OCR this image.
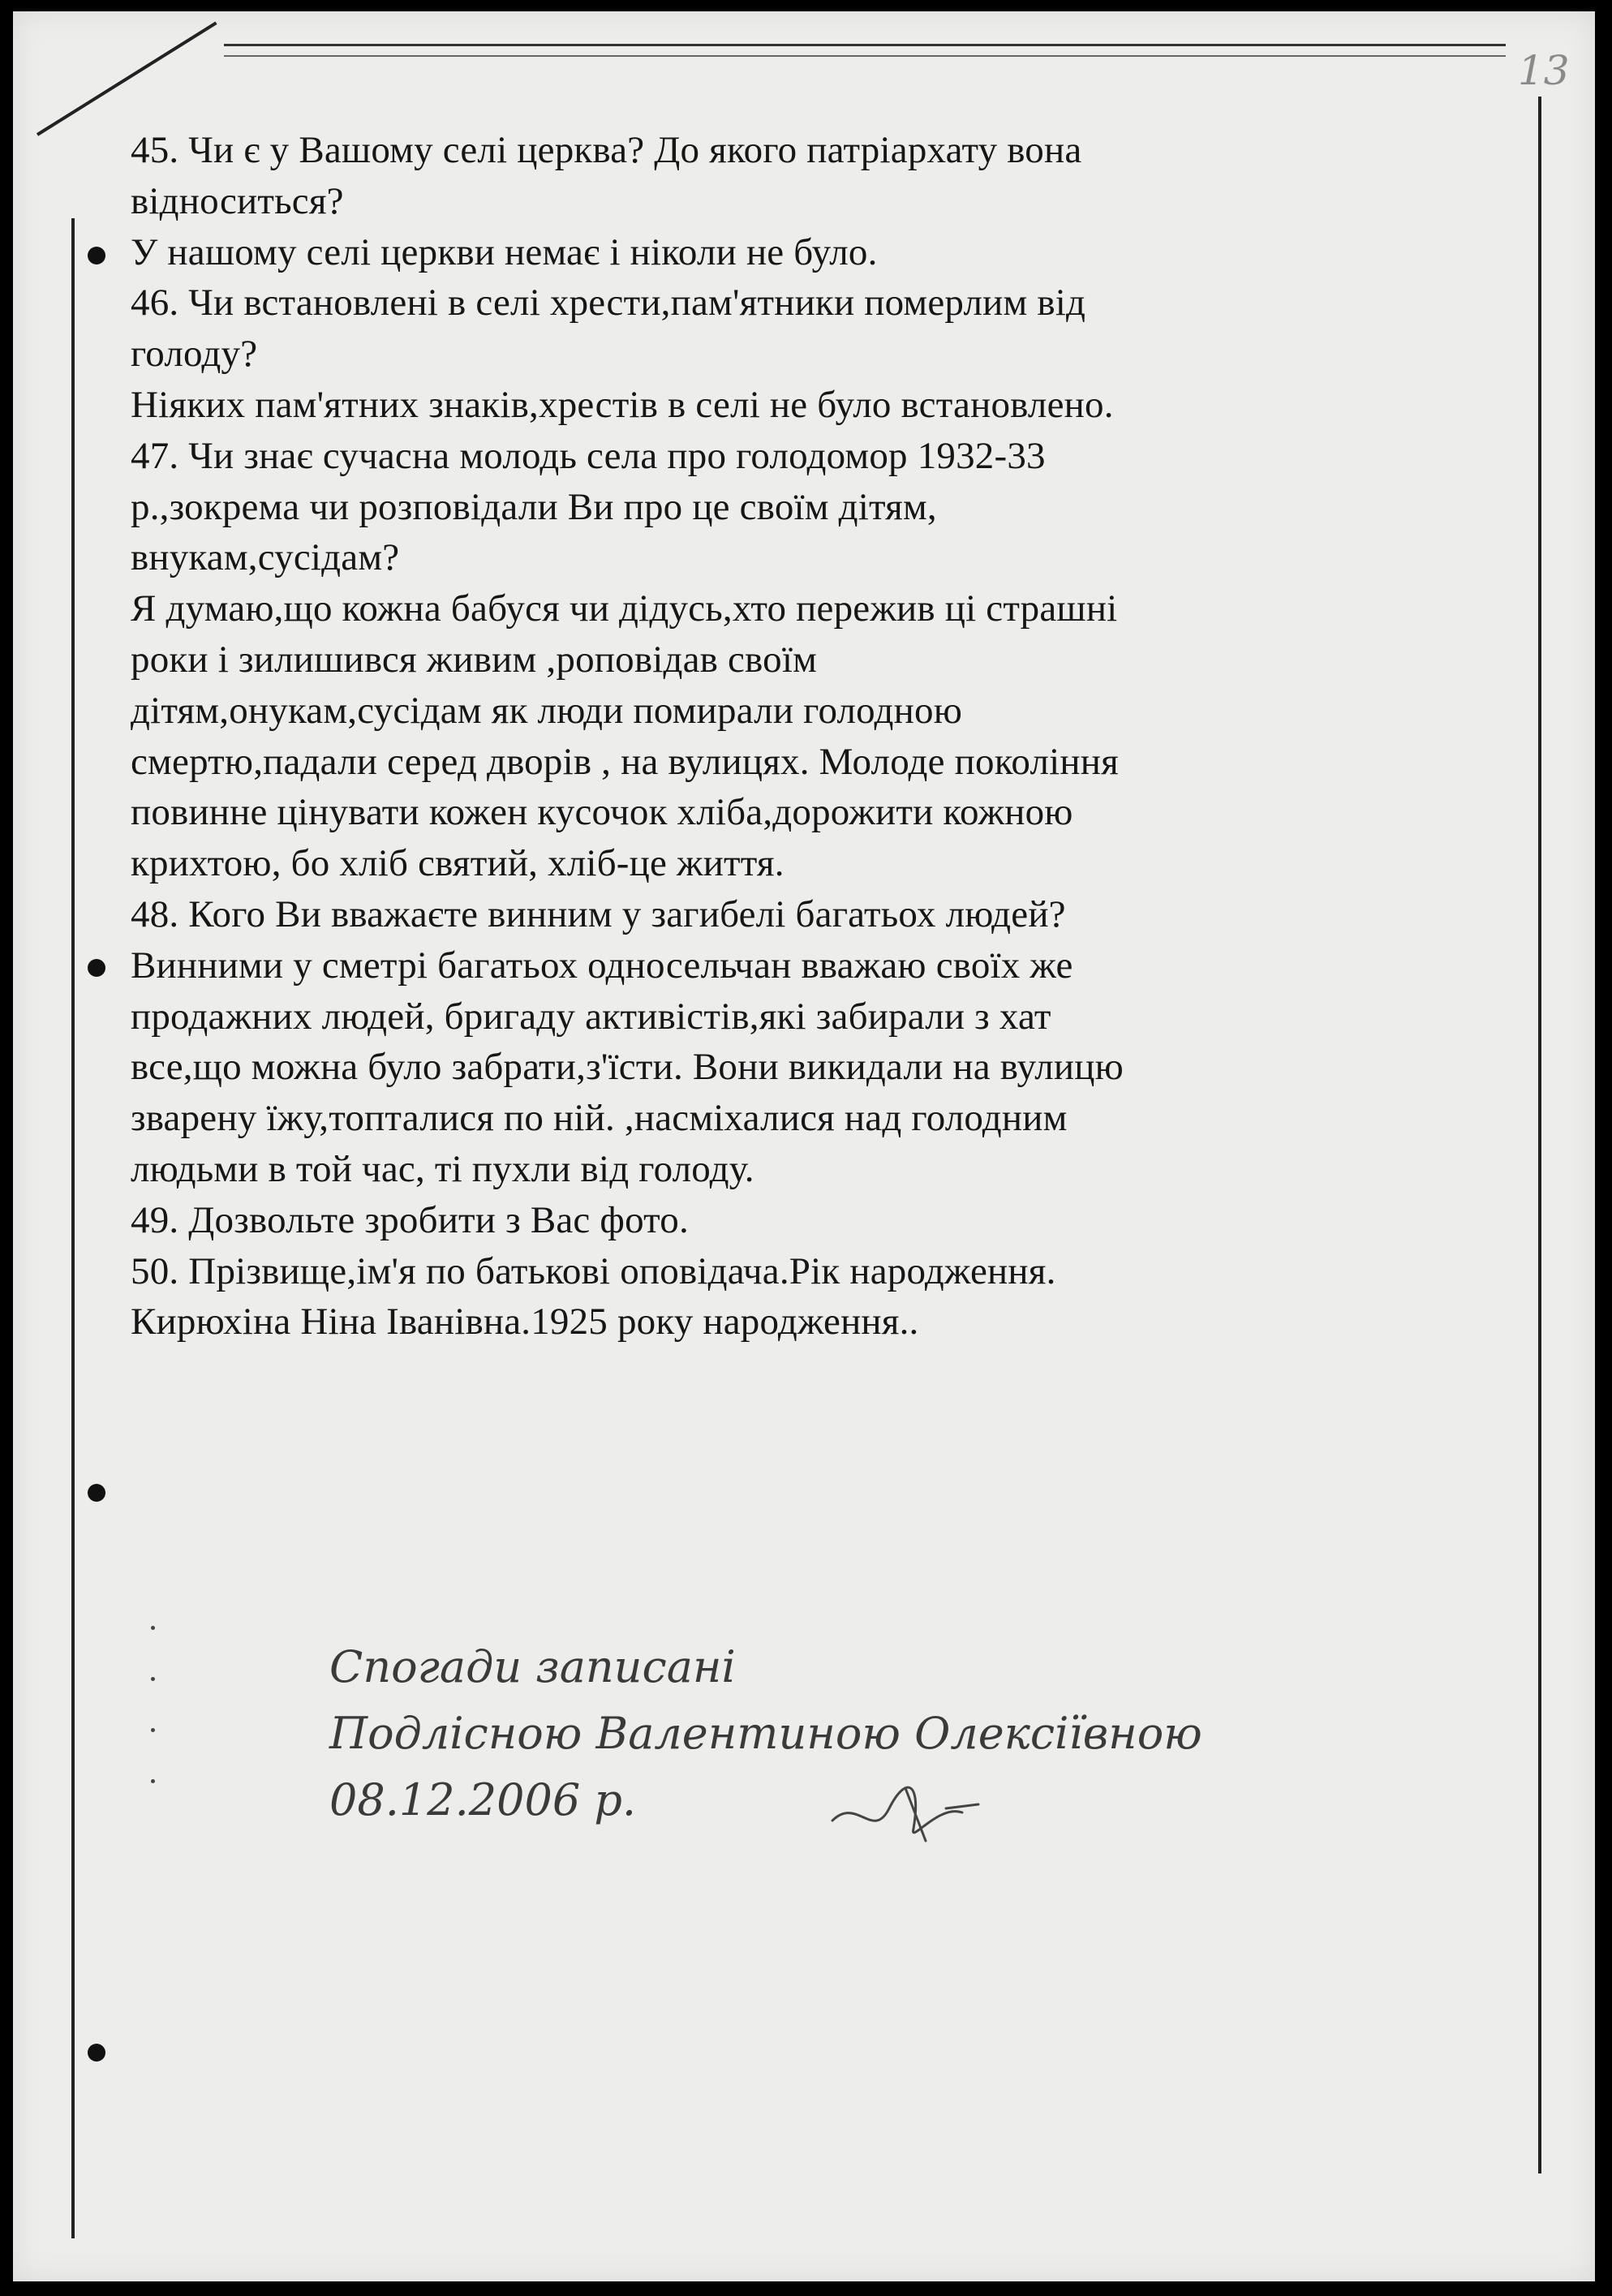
13
45. Чи є у Вашому селі церква? До якого патріархату вона
відноситься?
У нашому селі церкви немає і ніколи не було.
46. Чи встановлені в селі хрести,пам'ятники померлим від
голоду?
Ніяких пам'ятних знаків,хрестів в селі не було встановлено.
47. Чи знає сучасна молодь села про голодомор 1932-33
р.,зокрема чи розповідали Ви про це своїм дітям,
внукам,сусідам?
Я думаю,що кожна бабуся чи дідусь,хто пережив ці страшні
роки і зилишився живим ,роповідав своїм
дітям,онукам,сусідам як люди помирали голодною
смертю,падали серед дворів , на вулицях. Молоде покоління
повинне цінувати кожен кусочок хліба,дорожити кожною
крихтою, бо хліб святий, хліб-це життя.
48. Кого Ви вважаєте винним у загибелі багатьох людей?
Винними у сметрі багатьох односельчан вважаю своїх же
продажних людей, бригаду активістів,які забирали з хат
все,що можна було забрати,з'їсти. Вони викидали на вулицю
зварену їжу,топталися по ній. ,насміхалися над голодним
людьми в той час, ті пухли від голоду.
49. Дозвольте зробити з Вас фото.
50. Прізвище,ім'я по батькові оповідача.Рік народження.
Кирюхіна Ніна Іванівна.1925 року народження..
Спогади записані
Подлісною Валентиною Олексіївною
08.12.2006 р.
